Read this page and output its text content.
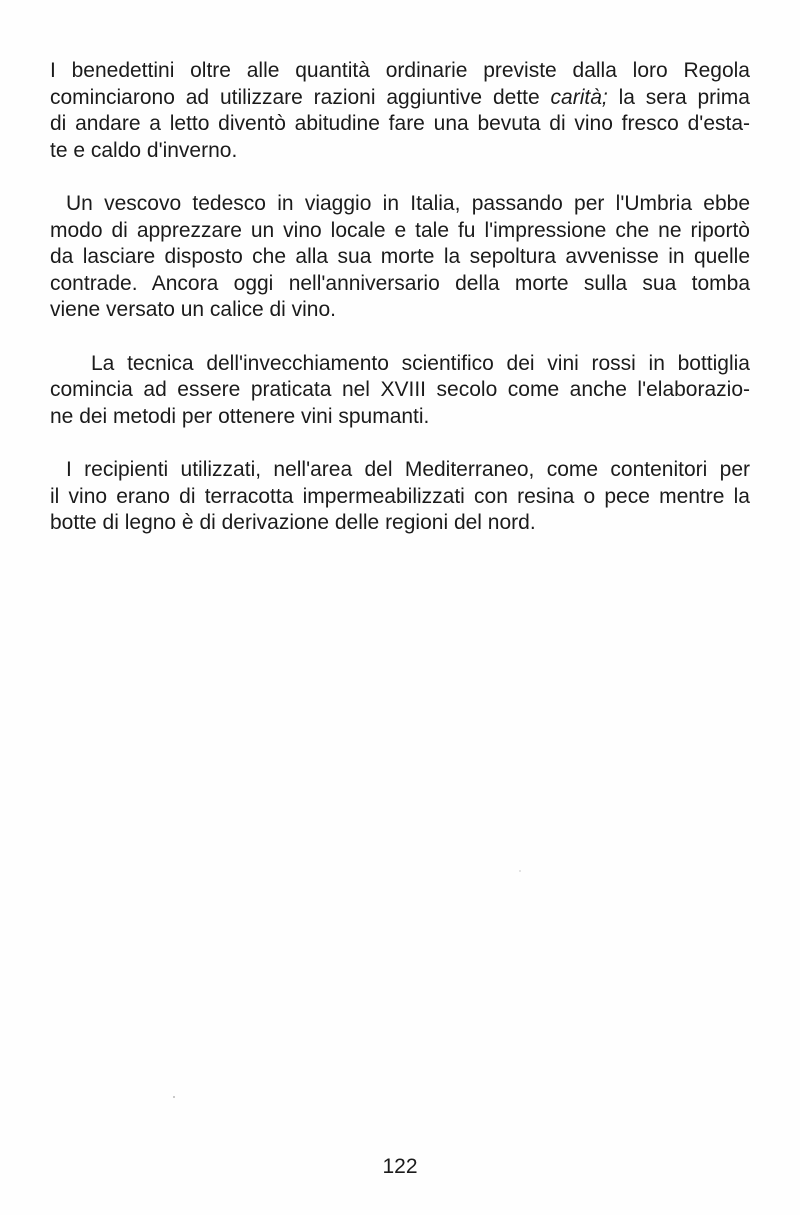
I benedettini oltre alle quantità ordinarie previste dalla loro Regola
cominciarono ad utilizzare razioni aggiuntive dette carità; la sera prima
di andare a letto diventò abitudine fare una bevuta di vino fresco d'esta-
te e caldo d'inverno.
Un vescovo tedesco in viaggio in Italia, passando per l'Umbria ebbe
modo di apprezzare un vino locale e tale fu l'impressione che ne riportò
da lasciare disposto che alla sua morte la sepoltura avvenisse in quelle
contrade. Ancora oggi nell'anniversario della morte sulla sua tomba
viene versato un calice di vino.
La tecnica dell'invecchiamento scientifico dei vini rossi in bottiglia
comincia ad essere praticata nel XVIII secolo come anche l'elaborazio-
ne dei metodi per ottenere vini spumanti.
I recipienti utilizzati, nell'area del Mediterraneo, come contenitori per
il vino erano di terracotta impermeabilizzati con resina o pece mentre la
botte di legno è di derivazione delle regioni del nord.
122
